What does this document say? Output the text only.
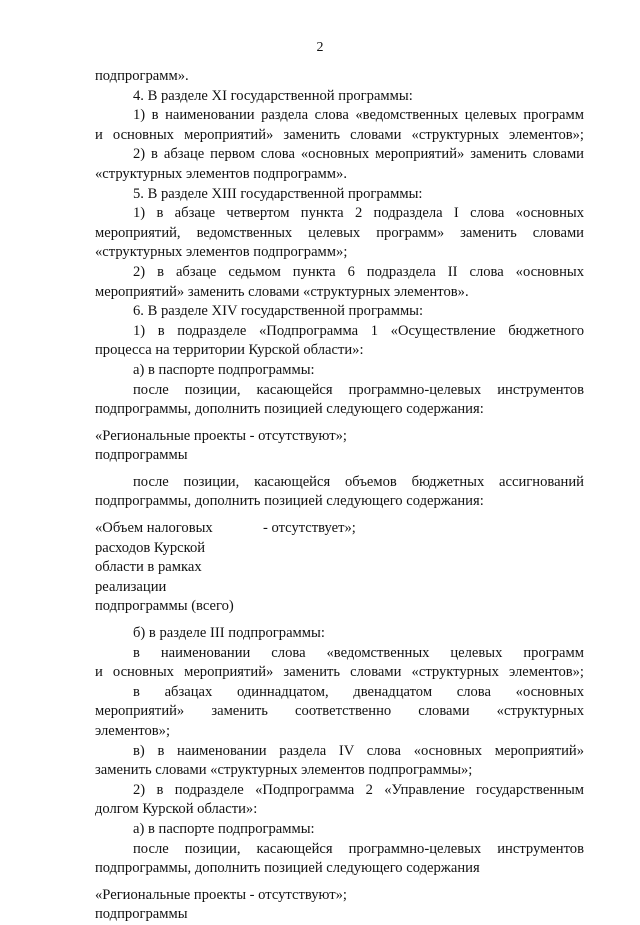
2
подпрограмм».
4. В разделе XI государственной программы:
1) в наименовании раздела слова «ведомственных целевых программ
и основных мероприятий» заменить словами «структурных элементов»;
2) в абзаце первом слова «основных мероприятий» заменить словами
«структурных элементов подпрограмм».
5. В разделе XIII государственной программы:
1) в абзаце четвертом пункта 2 подраздела I слова «основных
мероприятий, ведомственных целевых программ» заменить словами
«структурных элементов подпрограмм»;
2) в абзаце седьмом пункта 6 подраздела II слова «основных
мероприятий» заменить словами «структурных элементов».
6. В разделе XIV государственной программы:
1) в подразделе «Подпрограмма 1 «Осуществление бюджетного
процесса на территории Курской области»:
а) в паспорте подпрограммы:
после позиции, касающейся программно-целевых инструментов
подпрограммы, дополнить позицией следующего содержания:
«Региональные проекты - отсутствуют»;
подпрограммы
после позиции, касающейся объемов бюджетных ассигнований
подпрограммы, дополнить позицией следующего содержания:
«Объем налоговых
расходов Курской
области в рамках
реализации
подпрограммы (всего)
- отсутствует»;
б) в разделе III подпрограммы:
в наименовании слова «ведомственных целевых программ
и основных мероприятий» заменить словами «структурных элементов»;
в абзацах одиннадцатом, двенадцатом слова «основных
мероприятий» заменить соответственно словами «структурных
элементов»;
в) в наименовании раздела IV слова «основных мероприятий»
заменить словами «структурных элементов подпрограммы»;
2) в подразделе «Подпрограмма 2 «Управление государственным
долгом Курской области»:
а) в паспорте подпрограммы:
после позиции, касающейся программно-целевых инструментов
подпрограммы, дополнить позицией следующего содержания
«Региональные проекты - отсутствуют»;
подпрограммы
